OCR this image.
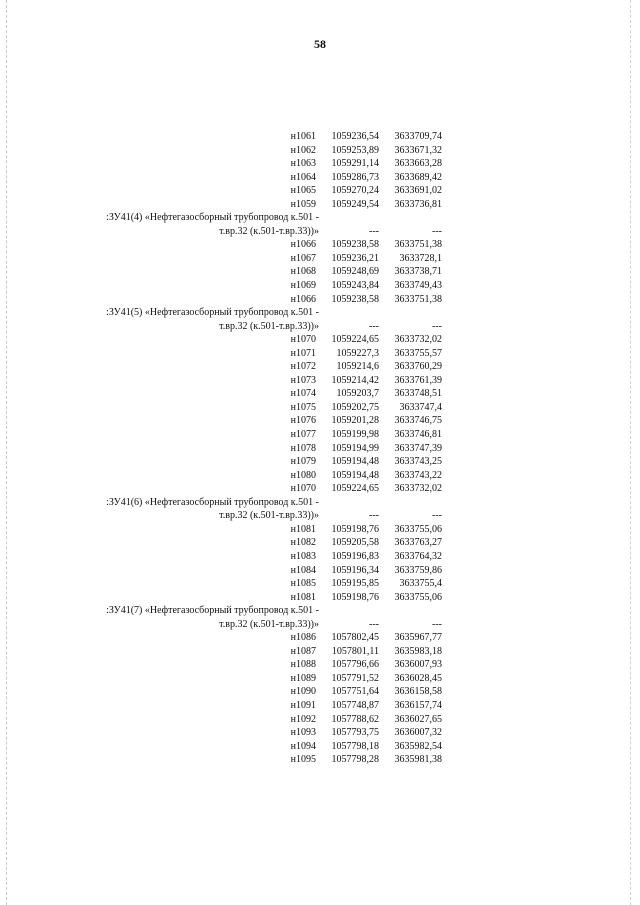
58
н1061	1059236,54	3633709,74
н1062	1059253,89	3633671,32
н1063	1059291,14	3633663,28
н1064	1059286,73	3633689,42
н1065	1059270,24	3633691,02
н1059	1059249,54	3633736,81
:ЗУ41(4) «Нефтегазосборный трубопровод к.501 -
т.вр.32 (к.501-т.вр.33))»	---	---
н1066	1059238,58	3633751,38
н1067	1059236,21	3633728,1
н1068	1059248,69	3633738,71
н1069	1059243,84	3633749,43
н1066	1059238,58	3633751,38
:ЗУ41(5) «Нефтегазосборный трубопровод к.501 -
т.вр.32 (к.501-т.вр.33))»	---	---
н1070	1059224,65	3633732,02
н1071	1059227,3	3633755,57
н1072	1059214,6	3633760,29
н1073	1059214,42	3633761,39
н1074	1059203,7	3633748,51
н1075	1059202,75	3633747,4
н1076	1059201,28	3633746,75
н1077	1059199,98	3633746,81
н1078	1059194,99	3633747,39
н1079	1059194,48	3633743,25
н1080	1059194,48	3633743,22
н1070	1059224,65	3633732,02
:ЗУ41(6) «Нефтегазосборный трубопровод к.501 -
т.вр.32 (к.501-т.вр.33))»	---	---
н1081	1059198,76	3633755,06
н1082	1059205,58	3633763,27
н1083	1059196,83	3633764,32
н1084	1059196,34	3633759,86
н1085	1059195,85	3633755,4
н1081	1059198,76	3633755,06
:ЗУ41(7) «Нефтегазосборный трубопровод к.501 -
т.вр.32 (к.501-т.вр.33))»	---	---
н1086	1057802,45	3635967,77
н1087	1057801,11	3635983,18
н1088	1057796,66	3636007,93
н1089	1057791,52	3636028,45
н1090	1057751,64	3636158,58
н1091	1057748,87	3636157,74
н1092	1057788,62	3636027,65
н1093	1057793,75	3636007,32
н1094	1057798,18	3635982,54
н1095	1057798,28	3635981,38
